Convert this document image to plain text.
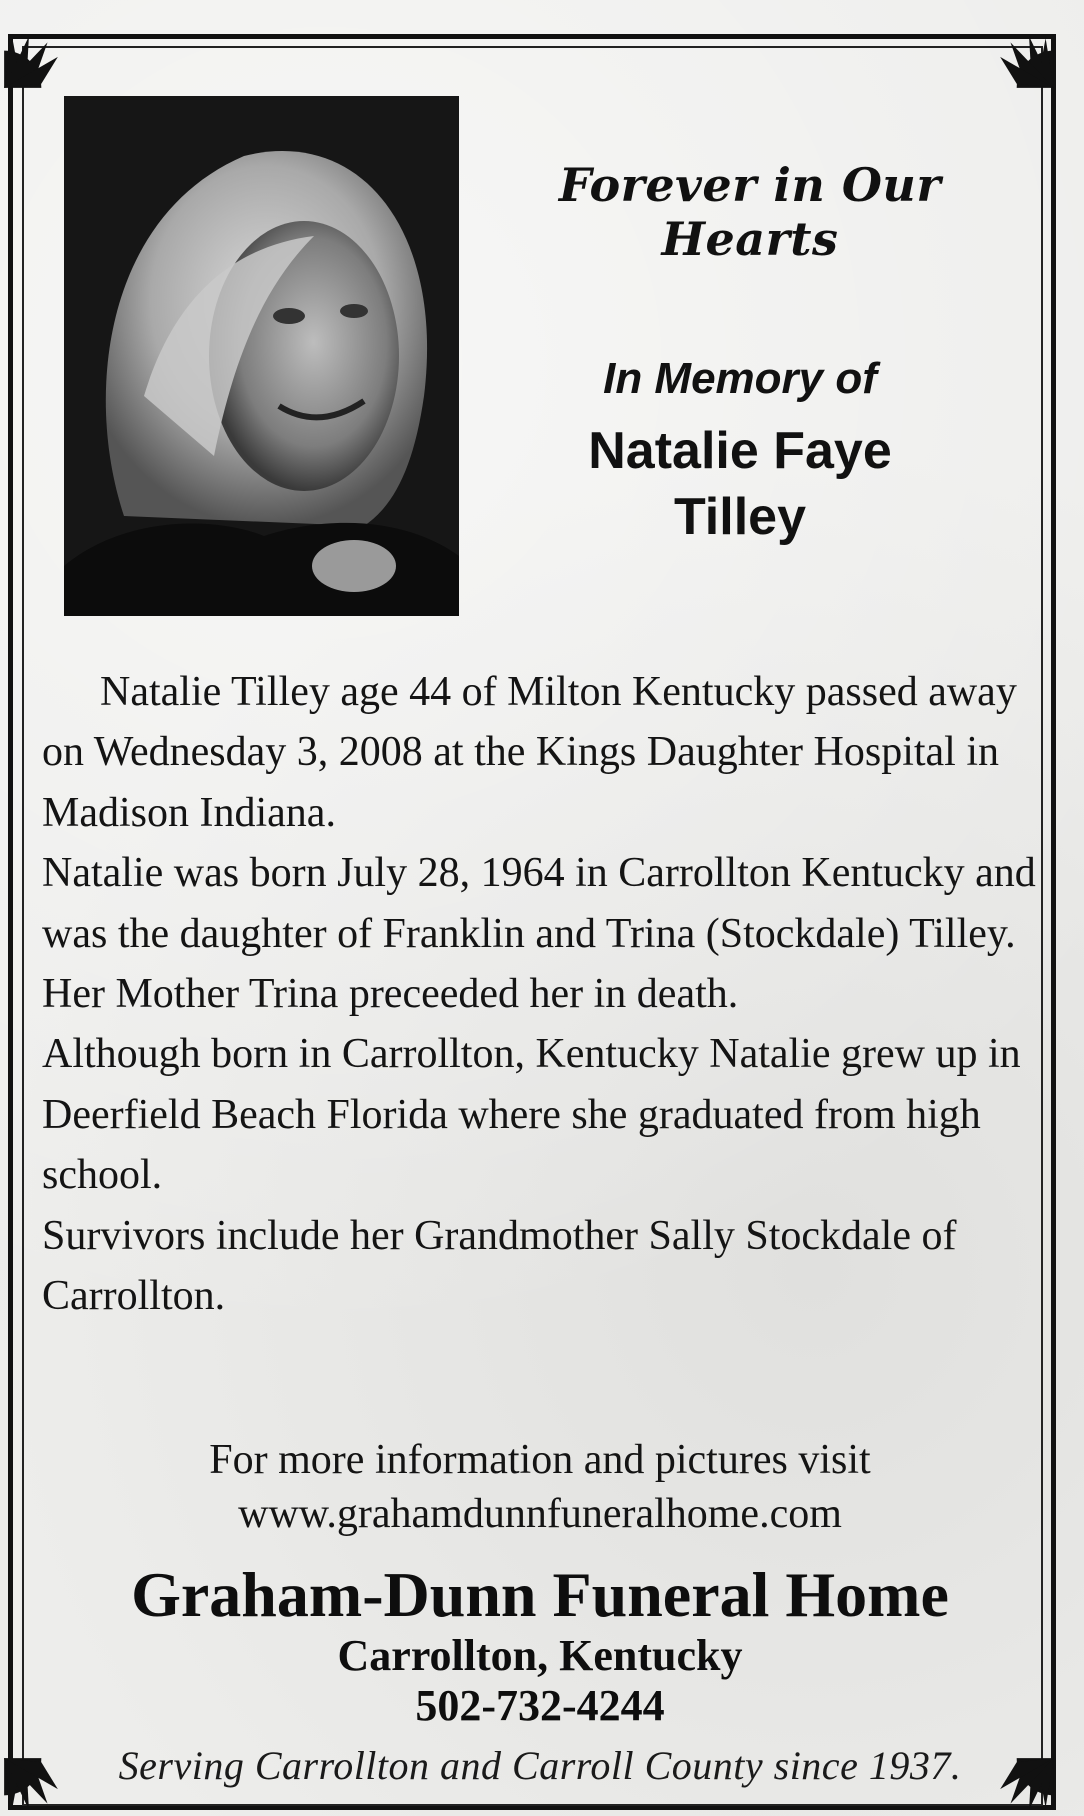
Forever in Our Hearts
In Memory of
Natalie Faye
Tilley

Natalie Tilley age 44 of Milton Kentucky passed away on Wednesday 3, 2008 at the Kings Daughter Hospital in Madison Indiana.

Natalie was born July 28, 1964 in Carrollton Kentucky and was the daughter of Franklin and Trina (Stockdale) Tilley. Her Mother Trina preceeded her in death.

Although born in Carrollton, Kentucky Natalie grew up in Deerfield Beach Florida where she graduated from high school.

Survivors include her Grandmother Sally Stockdale of Carrollton.

For more information and pictures visit
www.grahamdunnfuneralhome.com
Graham-Dunn Funeral Home
Carrollton, Kentucky
502-732-4244
Serving Carrollton and Carroll County since 1937.
